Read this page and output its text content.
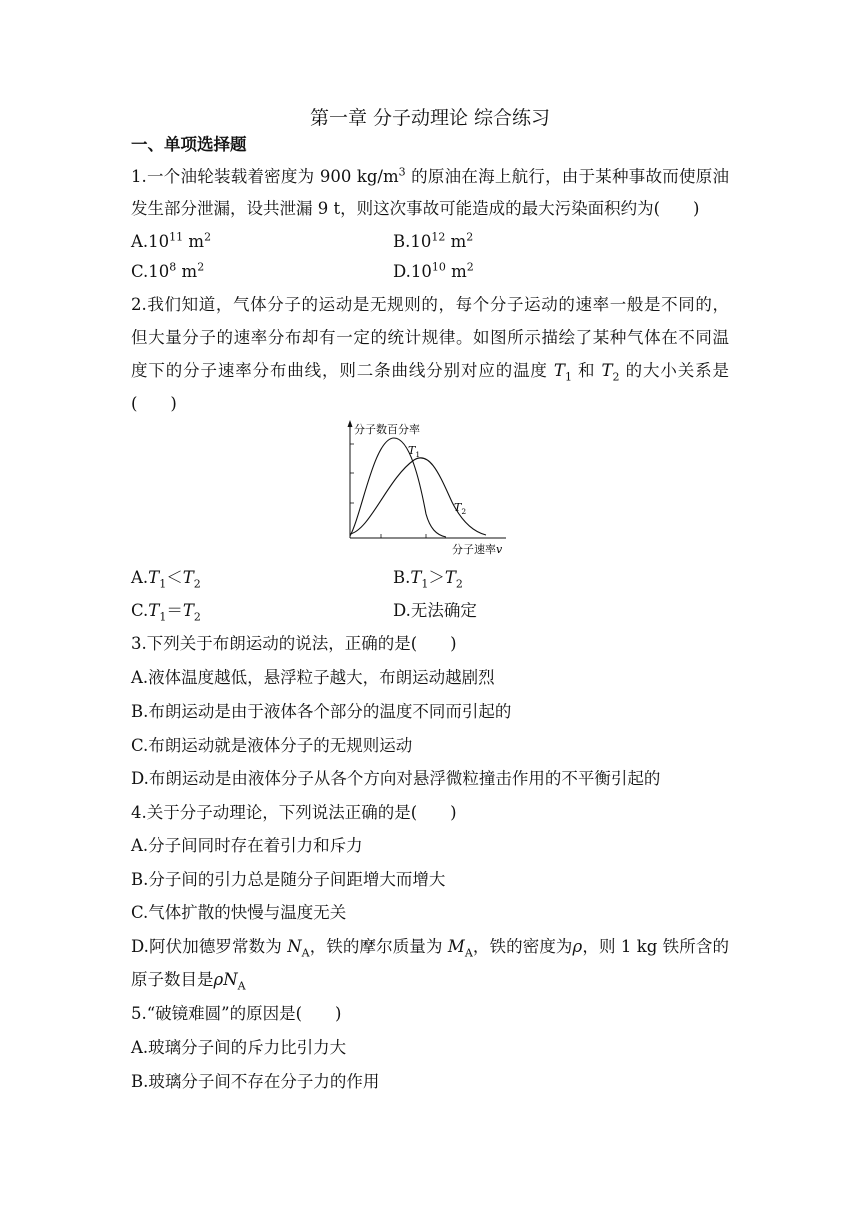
第一章 分子动理论 综合练习
一、单项选择题
1.一个油轮装载着密度为 900 $kg/m^3$ 的原油在海上航行，由于某种事故而使原油
发生部分泄漏，设共泄漏 9 t，则这次事故可能造成的最大污染面积约为(　　)
$A.10^{11}$ $m^2$	$B.10^{12}$ $m^2$
$C.10^8$ $m^2$	$D.10^{10}$ $m^2$
2.我们知道，气体分子的运动是无规则的，每个分子运动的速率一般是不同的，
但大量分子的速率分布却有一定的统计规律。如图所示描绘了某种气体在不同温
度下的分子速率分布曲线，则二条曲线分别对应的温度 $T_1$ 和 $T_2$ 的大小关系是
(　　)
分子数百分率
$T_1$
$T_2$
分子速率v
$A.T_1<T_2$	$B.T_1>T_2$
$C.T_1=T_2$	D.无法确定
3.下列关于布朗运动的说法，正确的是(　　)
A.液体温度越低，悬浮粒子越大，布朗运动越剧烈
B.布朗运动是由于液体各个部分的温度不同而引起的
C.布朗运动就是液体分子的无规则运动
D.布朗运动是由液体分子从各个方向对悬浮微粒撞击作用的不平衡引起的
4.关于分子动理论，下列说法正确的是(　　)
A.分子间同时存在着引力和斥力
B.分子间的引力总是随分子间距增大而增大
C.气体扩散的快慢与温度无关
D.阿伏加德罗常数为 $N_A$，铁的摩尔质量为 $M_A$，铁的密度为ρ，则 1 kg 铁所含的
原子数目是$\rho N_A$
5.“破镜难圆”的原因是(　　)
A.玻璃分子间的斥力比引力大
B.玻璃分子间不存在分子力的作用
